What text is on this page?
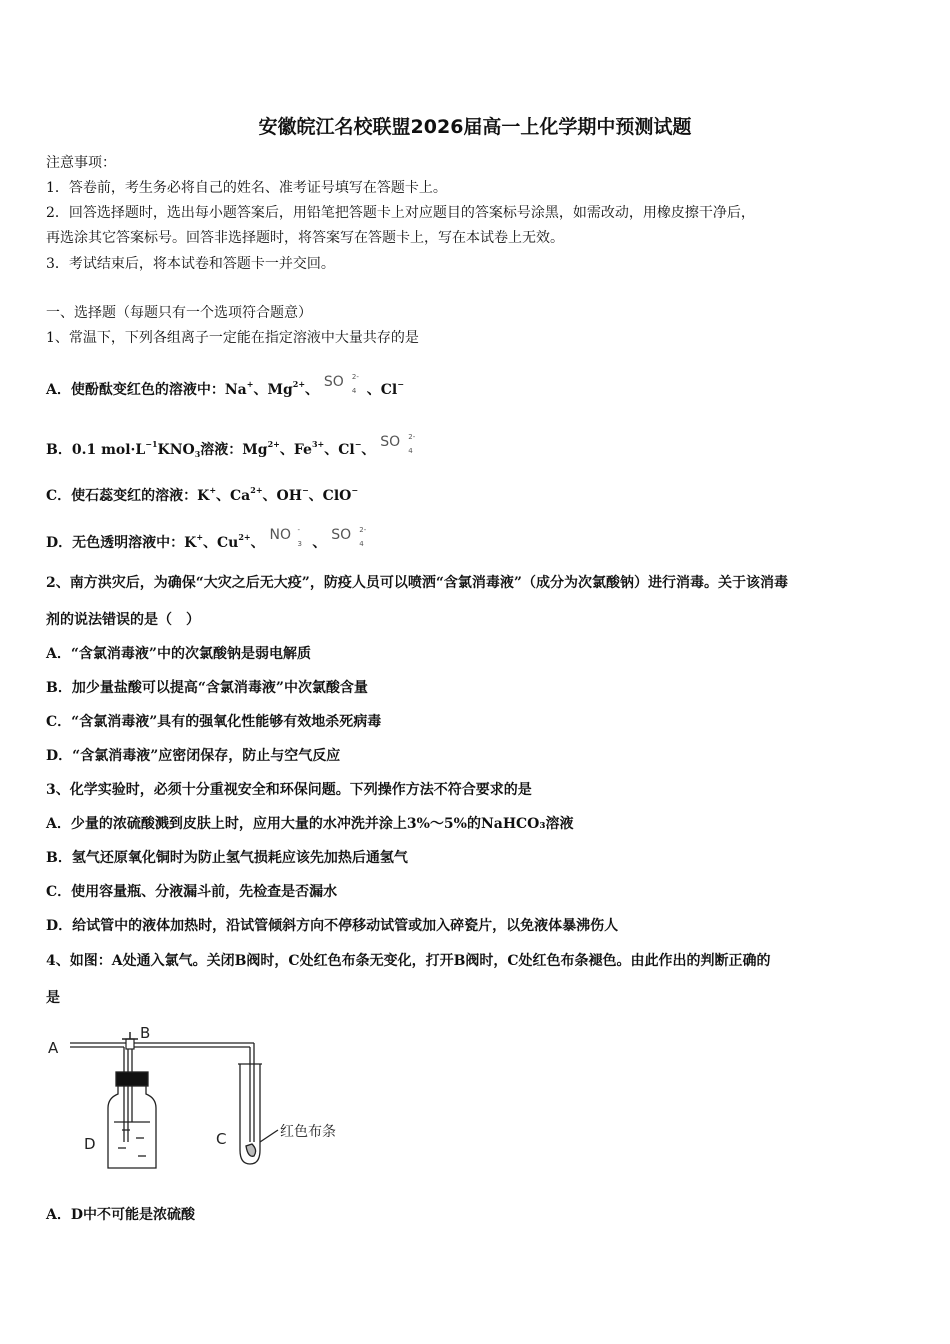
安徽皖江名校联盟2026届高一上化学期中预测试题
注意事项：
1．答卷前，考生务必将自己的姓名、准考证号填写在答题卡上。
2．回答选择题时，选出每小题答案后，用铅笔把答题卡上对应题目的答案标号涂黑，如需改动，用橡皮擦干净后，
再选涂其它答案标号。回答非选择题时，将答案写在答题卡上，写在本试卷上无效。
3．考试结束后，将本试卷和答题卡一并交回。
一、选择题（每题只有一个选项符合题意）
1、常温下，下列各组离子一定能在指定溶液中大量共存的是
A．使酚酞变红色的溶液中：Na+、$Mg^{2+}$、 SO 2-
4 、Cl−
B．0.1 $mol\cdot L^{-1}KNO_3$溶液：$Mg^{2+}$、$Fe^{3+}$、Cl−、 SO 2-
4
C．使石蕊变红的溶液：K+、$Ca^{2+}$、OH−、ClO−
D．无色透明溶液中：K+、$Cu^{2+}$、 NO -
3 、 SO 2-
4
2、南方洪灾后，为确保“大灾之后无大疫”，防疫人员可以喷洒“含氯消毒液”（成分为次氯酸钠）进行消毒。关于该消毒
剂的说法错误的是（　）
A．“含氯消毒液”中的次氯酸钠是弱电解质
B．加少量盐酸可以提高“含氯消毒液”中次氯酸含量
C．“含氯消毒液”具有的强氧化性能够有效地杀死病毒
D．“含氯消毒液”应密闭保存，防止与空气反应
3、化学实验时，必须十分重视安全和环保问题。下列操作方法不符合要求的是
A．少量的浓硫酸溅到皮肤上时，应用大量的水冲洗并涂上3%～5%的NaHCO₃溶液
B．氢气还原氧化铜时为防止氢气损耗应该先加热后通氢气
C．使用容量瓶、分液漏斗前，先检查是否漏水
D．给试管中的液体加热时，沿试管倾斜方向不停移动试管或加入碎瓷片，以免液体暴沸伤人
4、如图：A处通入氯气。关闭B阀时，C处红色布条无变化，打开B阀时，C处红色布条褪色。由此作出的判断正确的
是
A
B
D	C	红色布条
A．D中不可能是浓硫酸
